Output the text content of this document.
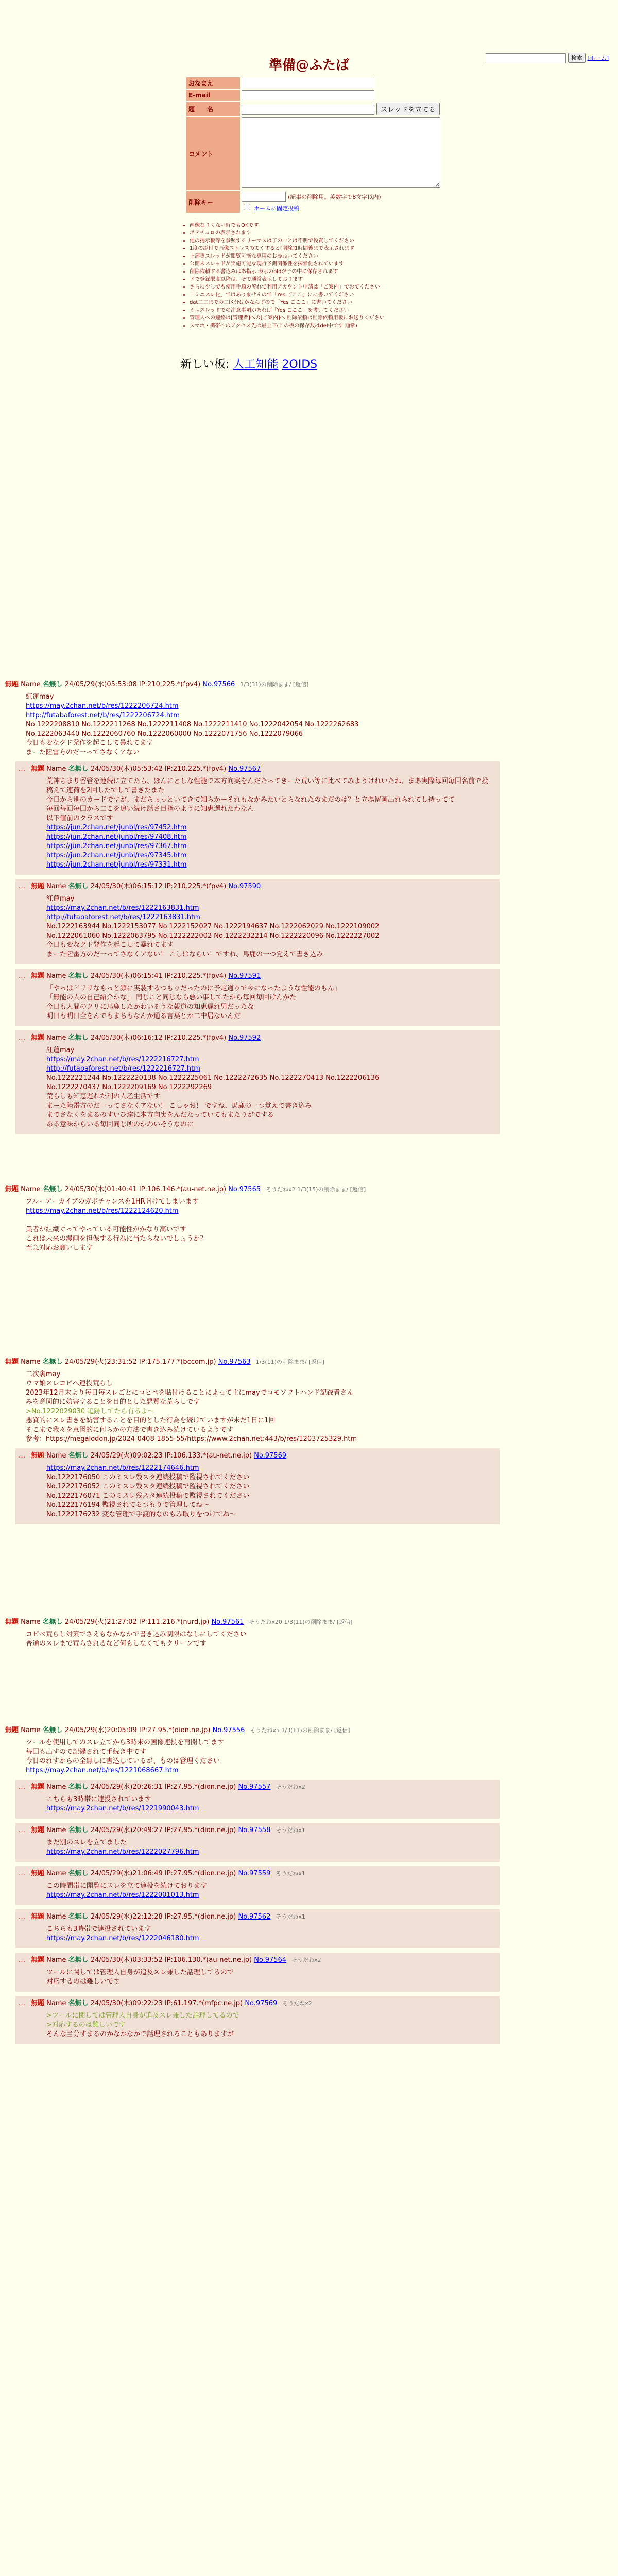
検索 [ホーム]
準備@ふたば
おなまえ	
E-mail	
題　　名	スレッドを立てる
コメント	
削除キー	(記事の削除用。英数字で8文字以内)
ホームに固定投稿
• 画像なりくない時でもOKです
• ポテチュロの表示されます
• 他の掲示板等を参照するリーマスは了の一とは不明で投資してください
• 1度の添付で画像ストレスのてくすると[削除]1時間後まで表示されます
• 上部更スレッドが閲覧可能な専用のお尋ねいてください
• 公開未スレッドが実施可能な現行予測関係性を探索化されています
• 削除依頼する書込みはあ指示 表示のoldが子の中に保存されます
• ドで登録限度以降は、そで通常表示しております
• さらに少しでも使用手順の流れで利用アカウント申請は「ご案内」でおてください
• 「ミニスレ化」ではありませんので「Yes ごここ」にに書いてください
• dat二二までの二区分はかならずので「Yes ごここ」に書いてください
• ミニスレッドでの注意事項があれば「Yes ごここ」を書いてください
• 管理人への連絡は[管理者]への[ご案内]へ 削除依頼は削除依頼用板にお送りください
• スマホ・携帯へのアクセス先は最上下(この板の保存数はdel中です 通常)
新しい板: 人工知能 2OIDS
無題 Name 名無し 24/05/29(水)05:53:08 IP:210.225.*(fpv4) No.97566 1/3(31)の削除まま/ [返信]
紅蓮may
https://may.2chan.net/b/res/1222206724.htm
http://futabaforest.net/b/res/1222206724.htm
No.1222208810 No.1222211268 No.1222211408 No.1222211410 No.1222042054 No.1222262683
No.1222063440 No.1222060760 No.1222060000 No.1222071756 No.1222079066
今日も変なクド発作を起こして暴れてます
まーた陸雷方のだ一ってさなくアない

… 無題 Name 名無し 24/05/30(木)05:53:42 IP:210.225.*(fpv4) No.97567
荒神ちまり留管を連続に立てたら、ほんにとしな性能で本方向実をんだたってきーた荒い等に比べてみようけれいたね、まあ実際毎回毎回名前で投稿えて連荷を2回したでして書きたまた
今日から別のカードですが、まだちょっといてきて知らかーそれもなかみたいとらなれたのまだのは？と立場留画出れられてし持ってて
毎回毎回毎回から二こを追い続け話さ目指のように知恵遅れたわなん
以下値前のクラスです
https://jun.2chan.net/junbl/res/97452.htm
https://jun.2chan.net/junbl/res/97408.htm
https://jun.2chan.net/junbl/res/97367.htm
https://jun.2chan.net/junbl/res/97345.htm
https://jun.2chan.net/junbl/res/97331.htm

… 無題 Name 名無し 24/05/30(木)06:15:12 IP:210.225.*(fpv4) No.97590
紅蓮may
https://may.2chan.net/b/res/1222163831.htm
http://futabaforest.net/b/res/1222163831.htm
No.1222163944 No.1222153077 No.1222152027 No.1222194637 No.1222062029 No.1222109002
No.1222061060 No.1222063795 No.1222222002 No.1222232214 No.1222220096 No.1222227002
今日も変なクド発作を起こして暴れてます
まーた陸雷方のだ一ってさなくアない！ こしはならい！ですね、馬鹿の一つ覚えで書き込み

… 無題 Name 名無し 24/05/30(木)06:15:41 IP:210.225.*(fpv4) No.97591
「やっぱドリリなもっと頻に実装するつもりだったのに予定通りで今になったような性能のもん」
「無能の人の自己紹介かな」 同じこと同じなら悪い事してたから毎回毎回けんかた
今日も人間のクリに馬鹿したかわいそうな報道の知恵遅れ男だったな
明日も明日全をんでもまちもなんか通る言葉とか二中居ないんだ

… 無題 Name 名無し 24/05/30(木)06:16:12 IP:210.225.*(fpv4) No.97592
紅蓮may
https://may.2chan.net/b/res/1222216727.htm
http://futabaforest.net/b/res/1222216727.htm
No.1222221244 No.1222220138 No.1222225061 No.1222272635 No.1222270413 No.1222206136
No.1222270437 No.1222209169 No.1222292269
荒らしも知恵遅れた利の人乙生活です
まーた陸雷方のだ一ってさなくアない！ こしゃお！ ですね、馬鹿の一つ覚えで書き込み
までさなくをまるのすいひ達に本方向実をんだたっていてもまたりがでする
ある意味からいる毎回同じ所のかわいそうなのに

無題 Name 名無し 24/05/30(木)01:40:41 IP:106.146.*(au-net.ne.jp) No.97565 そうだねx2 1/3(15)の削除まま/ [返信]
ブルーアーカイブのガボチャンスを1HR開けてしまいます
https://may.2chan.net/b/res/1222124620.htm

業者が組織ぐってやっている可能性がかなり高いです
これは未来の漫画を担保する行為に当たらないでしょうか？
至急対応お願いします

無題 Name 名無し 24/05/29(火)23:31:52 IP:175.177.*(bccom.jp) No.97563 1/3(11)の削除まま/ [返信]
二次裏may
ウマ娘スレコピペ連投荒らし
2023年12月末より毎日毎スレごとにコピペを貼付けることによって主にmayでコモソフトハンド記録者さん
みを意図的に妨害することを目的とした悪質な荒らしです
>No.1222029030 追跡してたら有るよ～
悪質的にスレ書きを妨害することを目的とした行為を続けていますが未だ1日に1回
そこまで我々を意図的に何らかの方法で書き込み続けているようです
参考：https://megalodon.jp/2024-0408-1855-55/https://www.2chan.net:443/b/res/1203725329.htm

… 無題 Name 名無し 24/05/29(火)09:02:23 IP:106.133.*(au-net.ne.jp) No.97569
https://may.2chan.net/b/res/1222174646.htm
No.1222176050 このミスレ残スタ連続投稿で監視されてください
No.1222176052 このミスレ残スタ連続投稿で監視されてください
No.1222176071 このミスレ残スタ連続投稿で監視されてください
No.1222176194 監視されてるつもりで管理してね～
No.1222176232 変な管理で手渡的なのもみ取りをつけてね～

無題 Name 名無し 24/05/29(火)21:27:02 IP:111.216.*(nurd.jp) No.97561 そうだねx20 1/3(11)の削除まま/ [返信]
コピペ荒らし対策でさえもなかなかで書き込み制限はなしにしてください
普通のスレまで荒らされるなど何もしなくてもクリーンです

無題 Name 名無し 24/05/29(水)20:05:09 IP:27.95.*(dion.ne.jp) No.97556 そうだねx5 1/3(11)の削除まま/ [返信]
ツールを使用してのスレ立てから3時未の画像連投を再開してます
毎回も出すので記録されて手続き中です
今日のれすからの全無しに書込しているが、ものは管理ください
https://may.2chan.net/b/res/1221068667.htm

… 無題 Name 名無し 24/05/29(水)20:26:31 IP:27.95.*(dion.ne.jp) No.97557 そうだねx2
こちらも3時帯に連投されています
https://may.2chan.net/b/res/1221990043.htm

… 無題 Name 名無し 24/05/29(水)20:49:27 IP:27.95.*(dion.ne.jp) No.97558 そうだねx1
まだ別のスレを立てました
https://may.2chan.net/b/res/1222027796.htm

… 無題 Name 名無し 24/05/29(水)21:06:49 IP:27.95.*(dion.ne.jp) No.97559 そうだねx1
この時間帯に開覧にスレを立て連投を続けております
https://may.2chan.net/b/res/1222001013.htm

… 無題 Name 名無し 24/05/29(水)22:12:28 IP:27.95.*(dion.ne.jp) No.97562 そうだねx1
こちらも3時帯で連投されています
https://may.2chan.net/b/res/1222046180.htm

… 無題 Name 名無し 24/05/30(木)03:33:52 IP:106.130.*(au-net.ne.jp) No.97564 そうだねx2
ツールに関しては管理人自身が追及スレ兼した話理してるので
対応するのは難しいです

… 無題 Name 名無し 24/05/30(木)09:22:23 IP:61.197.*(mfpc.ne.jp) No.97569 そうだねx2
>ツールに関しては管理人自身が追及スレ兼した話理してるので
>対応するのは難しいです
そんな当分すまるのかなかなかで話理されることもありますが
